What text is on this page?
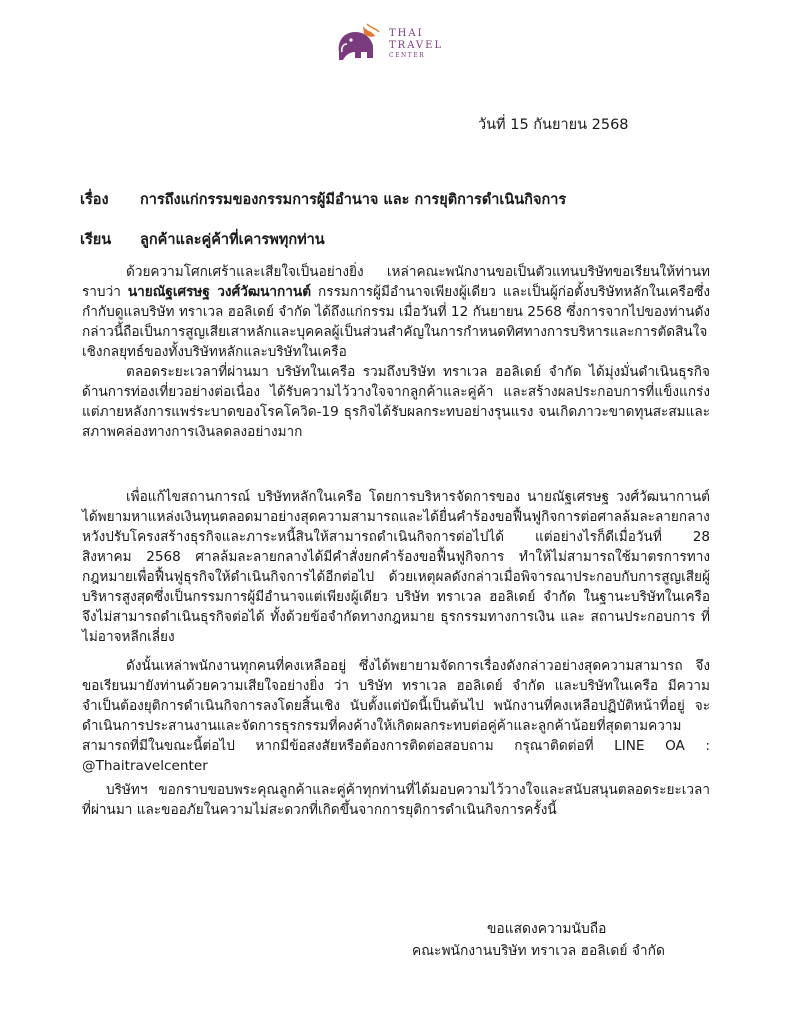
THAI
TRAVEL
CENTER
วันที่ 15 กันยายน 2568
เรื่อง	การถึงแก่กรรมของกรรมการผู้มีอำนาจ และ การยุติการดำเนินกิจการ
เรียน	ลูกค้าและคู่ค้าที่เคารพทุกท่าน

ด้วยความโศกเศร้าและเสียใจเป็นอย่างยิ่ง เหล่าคณะพนักงานขอเป็นตัวแทนบริษัทขอเรียนให้ท่านทราบว่า นายณัฐเศรษฐ วงศ์วัฒนากานต์ กรรมการผู้มีอำนาจเพียงผู้เดียว และเป็นผู้ก่อตั้งบริษัทหลักในเครือซึ่งกำกับดูแลบริษัท ทราเวล ฮอลิเดย์ จำกัด ได้ถึงแก่กรรม เมื่อวันที่ 12 กันยายน 2568 ซึ่งการจากไปของท่านดังกล่าวนี้ถือเป็นการสูญเสียเสาหลักและบุคคลผู้เป็นส่วนสำคัญในการกำหนดทิศทางการบริหารและการตัดสินใจเชิงกลยุทธ์ของทั้งบริษัทหลักและบริษัทในเครือ

ตลอดระยะเวลาที่ผ่านมา บริษัทในเครือ รวมถึงบริษัท ทราเวล ฮอลิเดย์ จำกัด ได้มุ่งมั่นดำเนินธุรกิจด้านการท่องเที่ยวอย่างต่อเนื่อง ได้รับความไว้วางใจจากลูกค้าและคู่ค้า และสร้างผลประกอบการที่แข็งแกร่ง แต่ภายหลังการแพร่ระบาดของโรคโควิด-19 ธุรกิจได้รับผลกระทบอย่างรุนแรง จนเกิดภาวะขาดทุนสะสมและสภาพคล่องทางการเงินลดลงอย่างมาก

เพื่อแก้ไขสถานการณ์ บริษัทหลักในเครือ โดยการบริหารจัดการของ นายณัฐเศรษฐ วงศ์วัฒนากานต์ ได้พยามหาแหล่งเงินทุนตลอดมาอย่างสุดความสามารถและได้ยื่นคำร้องขอฟื้นฟูกิจการต่อศาลล้มละลายกลาง หวังปรับโครงสร้างธุรกิจและภาระหนี้สินให้สามารถดำเนินกิจการต่อไปได้ แต่อย่างไรก็ดีเมื่อวันที่ 28 สิงหาคม 2568 ศาลล้มละลายกลางได้มีคำสั่งยกคำร้องขอฟื้นฟูกิจการ ทำให้ไม่สามารถใช้มาตรการทางกฎหมายเพื่อฟื้นฟูธุรกิจให้ดำเนินกิจการได้อีกต่อไป ด้วยเหตุผลดังกล่าวเมื่อพิจารณาประกอบกับการสูญเสียผู้บริหารสูงสุดซึ่งเป็นกรรมการผู้มีอำนาจแต่เพียงผู้เดียว บริษัท ทราเวล ฮอลิเดย์ จำกัด ในฐานะบริษัทในเครือ จึงไม่สามารถดำเนินธุรกิจต่อได้ ทั้งด้วยข้อจำกัดทางกฎหมาย ธุรกรรมทางการเงิน และ สถานประกอบการ ที่ไม่อาจหลีกเลี่ยง

ดังนั้นเหล่าพนักงานทุกคนที่คงเหลืออยู่ ซึ่งได้พยายามจัดการเรื่องดังกล่าวอย่างสุดความสามารถ จึงขอเรียนมายังท่านด้วยความเสียใจอย่างยิ่ง ว่า บริษัท ทราเวล ฮอลิเดย์ จำกัด และบริษัทในเครือ มีความจำเป็นต้องยุติการดำเนินกิจการลงโดยสิ้นเชิง นับตั้งแต่บัดนี้เป็นต้นไป พนักงานที่คงเหลือปฏิบัติหน้าที่อยู่ จะดำเนินการประสานงานและจัดการธุรกรรมที่คงค้างให้เกิดผลกระทบต่อคู่ค้าและลูกค้าน้อยที่สุดตามความสามารถที่มีในขณะนี้ต่อไป หากมีข้อสงสัยหรือต้องการติดต่อสอบถาม กรุณาติดต่อที่ LINE OA : @Thaitravelcenter

บริษัทฯ ขอกราบขอบพระคุณลูกค้าและคู่ค้าทุกท่านที่ได้มอบความไว้วางใจและสนับสนุนตลอดระยะเวลาที่ผ่านมา และขออภัยในความไม่สะดวกที่เกิดขึ้นจากการยุติการดำเนินกิจการครั้งนี้

ขอแสดงความนับถือ
คณะพนักงานบริษัท ทราเวล ฮอลิเดย์ จำกัด
